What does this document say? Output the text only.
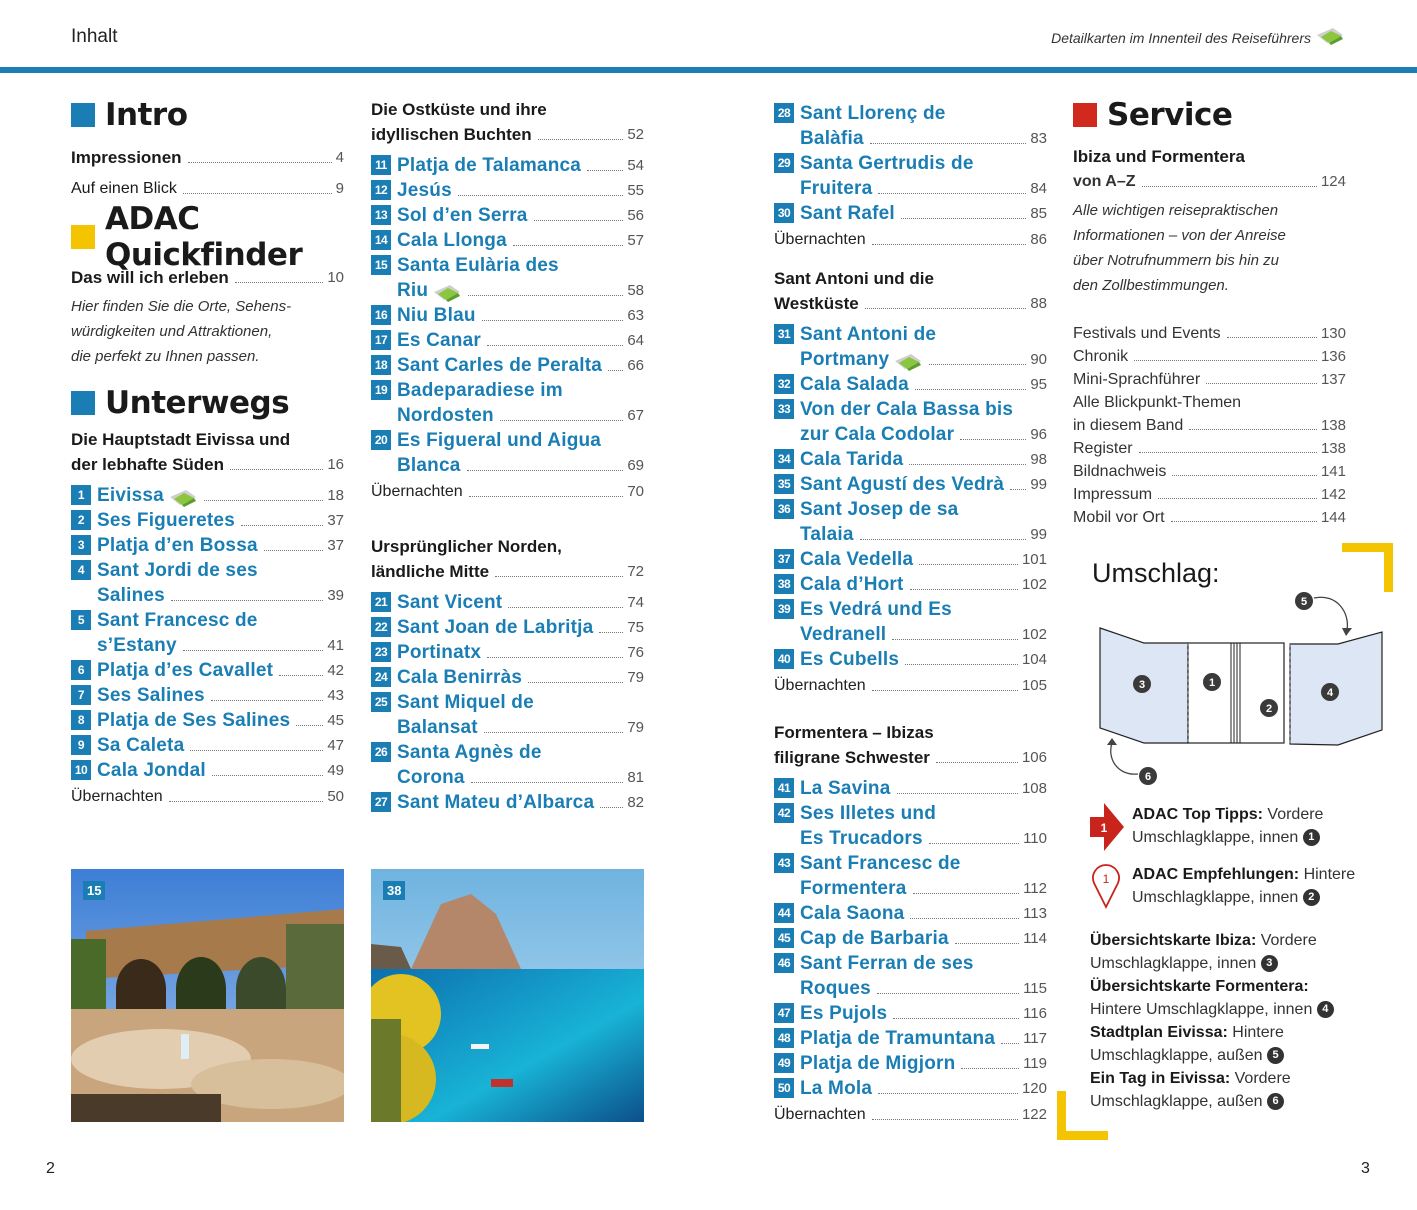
Inhalt	Detailkarten im Innenteil des Reiseführers
Intro
Impressionen	4
Auf einen Blick	9
ADAC Quickfinder
Das will ich erleben	10
Hier finden Sie die Orte, Sehens-
würdigkeiten und Attraktionen,
die perfekt zu Ihnen passen.
Unterwegs
Die Hauptstadt Eivissa und
der lebhafte Süden	16
1 Eivissa	18
2 Ses Figueretes	37
3 Platja d’en Bossa	37
4 Sant Jordi de ses
Salines	39
5 Sant Francesc de
s’Estany	41
6 Platja d’es Cavallet	42
7 Ses Salines	43
8 Platja de Ses Salines 45
9 Sa Caleta	47
10 Cala Jondal	49
Übernachten	50
Die Ostküste und ihre
idyllischen Buchten	52
11 Platja de Talamanca	54
12 Jesús	55
13 Sol d’en Serra	56
14 Cala Llonga	57
15 Santa Eulària des
Riu	58
16 Niu Blau	63
17 Es Canar	64
18 Sant Carles de Peralta 66
19 Badeparadiese im
Nordosten	67
20 Es Figueral und Aigua
Blanca	69
Übernachten	70
Ursprünglicher Norden,
ländliche Mitte	72
21 Sant Vicent	74
22 Sant Joan de Labritja 75
23 Portinatx	76
24 Cala Benirràs	79
25 Sant Miquel de
Balansat	79
26 Santa Agnès de
Corona	81
27 Sant Mateu d’Albarca 82
28 Sant Llorenç de
Balàfia	83
29 Santa Gertrudis de
Fruitera	84
30 Sant Rafel	85
Übernachten	86
Sant Antoni und die
Westküste	88
31 Sant Antoni de
Portmany	90
32 Cala Salada	95
33 Von der Cala Bassa bis
zur Cala Codolar	96
34 Cala Tarida	98
35 Sant Agustí des Vedrà 99
36 Sant Josep de sa
Talaia	99
37 Cala Vedella	101
38 Cala d’Hort	102
39 Es Vedrá und Es
Vedranell	102
40 Es Cubells	104
Übernachten	105
Formentera – Ibizas
filigrane Schwester	106
41 La Savina	108
42 Ses Illetes und
Es Trucadors	110
43 Sant Francesc de
Formentera	112
44 Cala Saona	113
45 Cap de Barbaria	114
46 Sant Ferran de ses
Roques	115
47 Es Pujols	116
48 Platja de Tramuntana 117
49 Platja de Migjorn	119
50 La Mola	120
Übernachten	122
15	38
Service
Ibiza und Formentera
von A–Z	124
Alle wichtigen reisepraktischen
Informationen – von der Anreise
über Notrufnummern bis hin zu
den Zollbestimmungen.
Festivals und Events	130
Chronik	136
Mini-Sprachführer	137
Alle Blickpunkt-Themen
in diesem Band	138
Register	138
Bildnachweis	141
Impressum	142
Mobil vor Ort	144
Umschlag:
3	1
2
4
5
6
1
ADAC Top Tipps: Vordere
Umschlagklappe, innen 1
1 ADAC Empfehlungen: Hintere
Umschlagklappe, innen 2
Übersichtskarte Ibiza: Vordere
Umschlagklappe, innen 3
Übersichtskarte Formentera:
Hintere Umschlagklappe, innen 4
Stadtplan Eivissa: Hintere
Umschlagklappe, außen 5
Ein Tag in Eivissa: Vordere
Umschlagklappe, außen 6
2	3
